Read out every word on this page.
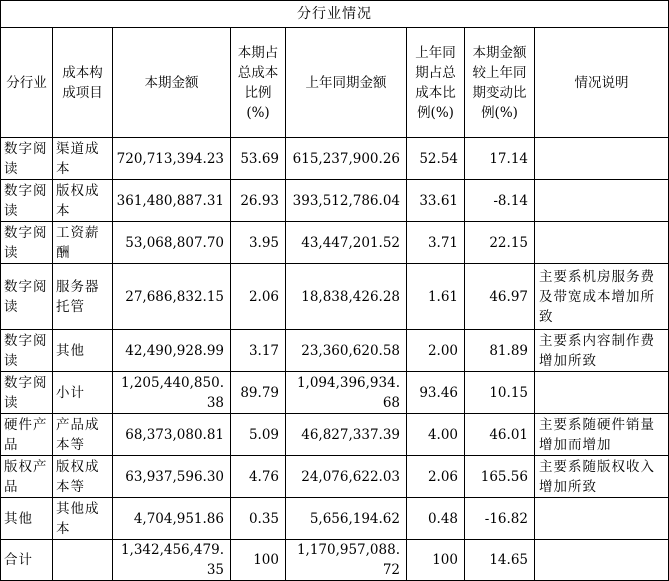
分行业情况							
分行业	成本构成项目	本期金额	本期占总成本比例(%)	上年同期金额	上年同期占总成本比例(%)	本期金额较上年同期变动比例(%)	情况说明
数字阅读	渠道成本	720,713,394.23	53.69	615,237,900.26	52.54	17.14	
数字阅读	版权成本	361,480,887.31	26.93	393,512,786.04	33.61	-8.14	
数字阅读	工资薪酬	53,068,807.70	3.95	43,447,201.52	3.71	22.15	
数字阅读	服务器托管	27,686,832.15	2.06	18,838,426.28	1.61	46.97	主要系机房服务费及带宽成本增加所致
数字阅读	其他	42,490,928.99	3.17	23,360,620.58	2.00	81.89	主要系内容制作费增加所致
数字阅读	小计	1,205,440,850.38	89.79	1,094,396,934.68	93.46	10.15	
硬件产品	产品成本等	68,373,080.81	5.09	46,827,337.39	4.00	46.01	主要系随硬件销量增加而增加
版权产品	版权成本等	63,937,596.30	4.76	24,076,622.03	2.06	165.56	主要系随版权收入增加所致
其他	其他成本	4,704,951.86	0.35	5,656,194.62	0.48	-16.82	
合计		1,342,456,479.35	100	1,170,957,088.72	100	14.65	
